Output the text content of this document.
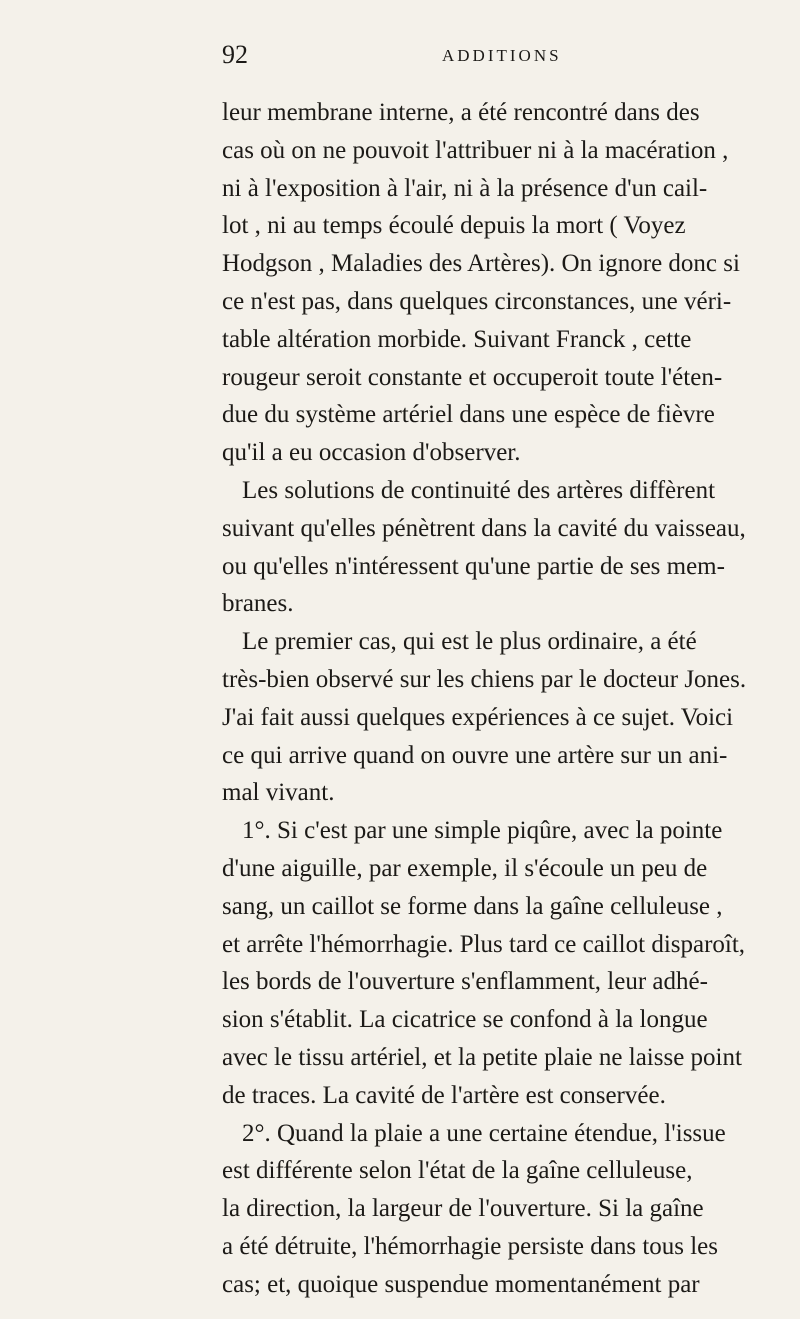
92	ADDITIONS
leur membrane interne, a été rencontré dans des
cas où on ne pouvoit l'attribuer ni à la macération ,
ni à l'exposition à l'air, ni à la présence d'un cail-
lot , ni au temps écoulé depuis la mort ( Voyez
Hodgson , Maladies des Artères). On ignore donc si
ce n'est pas, dans quelques circonstances, une véri-
table altération morbide. Suivant Franck , cette
rougeur seroit constante et occuperoit toute l'éten-
due du système artériel dans une espèce de fièvre
qu'il a eu occasion d'observer.
Les solutions de continuité des artères diffèrent
suivant qu'elles pénètrent dans la cavité du vaisseau,
ou qu'elles n'intéressent qu'une partie de ses mem-
branes.
Le premier cas, qui est le plus ordinaire, a été
très-bien observé sur les chiens par le docteur Jones.
J'ai fait aussi quelques expériences à ce sujet. Voici
ce qui arrive quand on ouvre une artère sur un ani-
mal vivant.
1°. Si c'est par une simple piqûre, avec la pointe
d'une aiguille, par exemple, il s'écoule un peu de
sang, un caillot se forme dans la gaîne celluleuse ,
et arrête l'hémorrhagie. Plus tard ce caillot disparoît,
les bords de l'ouverture s'enflamment, leur adhé-
sion s'établit. La cicatrice se confond à la longue
avec le tissu artériel, et la petite plaie ne laisse point
de traces. La cavité de l'artère est conservée.
2°. Quand la plaie a une certaine étendue, l'issue
est différente selon l'état de la gaîne celluleuse,
la direction, la largeur de l'ouverture. Si la gaîne
a été détruite, l'hémorrhagie persiste dans tous les
cas; et, quoique suspendue momentanément par
